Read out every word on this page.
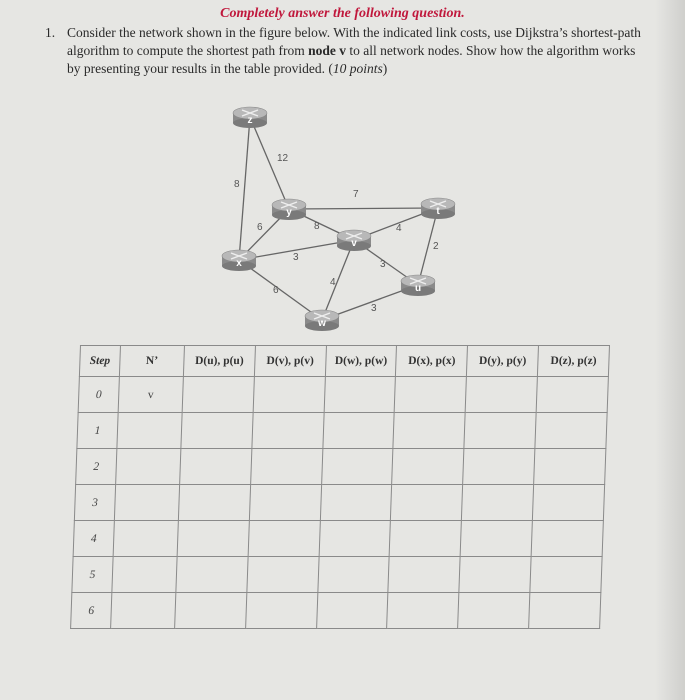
Completely answer the following question.
1. Consider the network shown in the figure below. With the indicated link costs, use Dijkstra’s shortest-path algorithm to compute the shortest path from node v to all network nodes. Show how the algorithm works by presenting your results in the table provided. (10 points)
12
8
7
6	8	4
3
3
2
4
6
3
z
y	t
v
x
u
w
Step	N’	D(u), p(u)	D(v), p(v)	D(w), p(w)	D(x), p(x)	D(y), p(y)	D(z), p(z)
0	v						
1							
2							
3							
4							
5							
6							
